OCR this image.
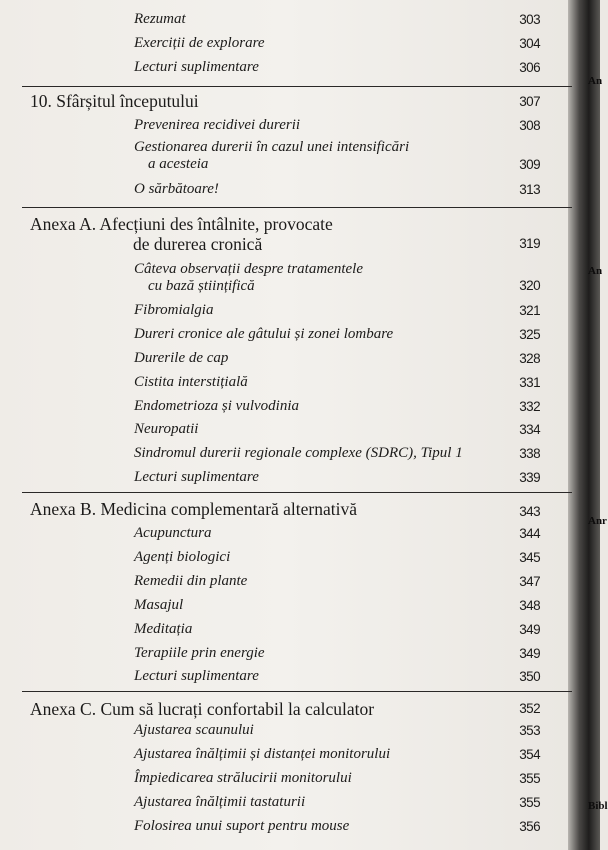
Rezumat	303
Exerciții de explorare	304
Lecturi suplimentare	306
10. Sfârșitul începutului	307
Prevenirea recidivei durerii	308
Gestionarea durerii în cazul unei intensificări
a acesteia	309
O sărbătoare!	313
Anexa A. Afecțiuni des întâlnite, provocate
de durerea cronică	319
Câteva observații despre tratamentele
cu bază științifică	320
Fibromialgia	321
Dureri cronice ale gâtului și zonei lombare	325
Durerile de cap	328
Cistita interstițială	331
Endometrioza și vulvodinia	332
Neuropatii	334
Sindromul durerii regionale complexe (SDRC), Tipul 1	338
Lecturi suplimentare	339
Anexa B. Medicina complementară alternativă	343
Acupunctura	344
Agenți biologici	345
Remedii din plante	347
Masajul	348
Meditația	349
Terapiile prin energie	349
Lecturi suplimentare	350
Anexa C. Cum să lucrați confortabil la calculator	352
Ajustarea scaunului	353
Ajustarea înălțimii și distanței monitorului	354
Împiedicarea strălucirii monitorului	355
Ajustarea înălțimii tastaturii	355
Folosirea unui suport pentru mouse	356
An
An
Anr
Bibl
